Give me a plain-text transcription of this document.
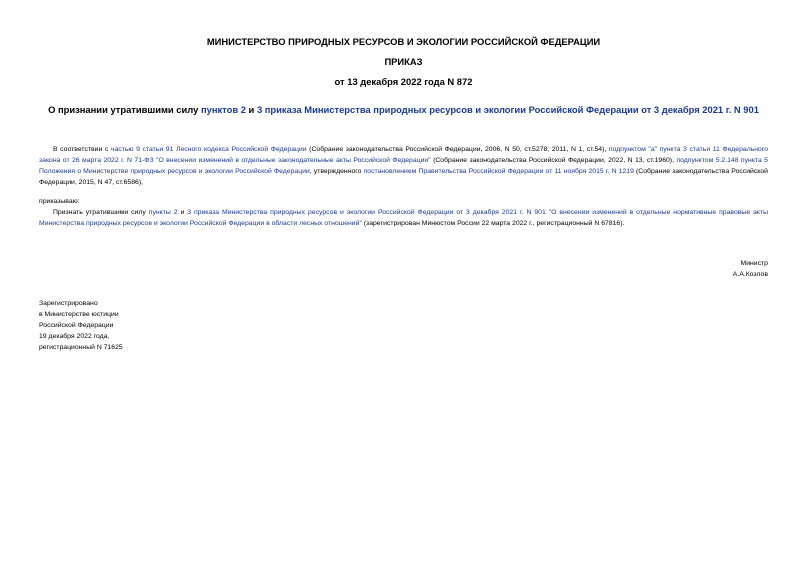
МИНИСТЕРСТВО ПРИРОДНЫХ РЕСУРСОВ И ЭКОЛОГИИ РОССИЙСКОЙ ФЕДЕРАЦИИ
ПРИКАЗ
от 13 декабря 2022 года N 872
О признании утратившими силу пунктов 2 и 3 приказа Министерства природных ресурсов и экологии Российской Федерации от 3 декабря 2021 г. N 901
В соответствии с частью 9 статьи 91 Лесного кодекса Российской Федерации (Собрание законодательства Российской Федерации, 2006, N 50, ст.5278; 2011, N 1, ст.54), подпунктом "а" пункта 3 статьи 11 Федерального закона от 26 марта 2022 г. N 71-ФЗ "О внесении изменений в отдельные законодательные акты Российской Федерации" (Собрание законодательства Российской Федерации, 2022, N 13, ст.1960), подпунктом 5.2.148 пункта 5 Положения о Министерстве природных ресурсов и экологии Российской Федерации, утвержденного постановлением Правительства Российской Федерации от 11 ноября 2015 г. N 1219 (Собрание законодательства Российской Федерации, 2015, N 47, ст.6586),
приказываю:
Признать утратившими силу пункты 2 и 3 приказа Министерства природных ресурсов и экологии Российской Федерации от 3 декабря 2021 г. N 901 "О внесении изменений в отдельные нормативные правовые акты Министерства природных ресурсов и экологии Российской Федерации в области лесных отношений" (зарегистрирован Минюстом России 22 марта 2022 г., регистрационный N 67816).
Министр
А.А.Козлов
Зарегистрировано
в Министерстве юстиции
Российской Федерации
19 декабря 2022 года,
регистрационный N 71625
